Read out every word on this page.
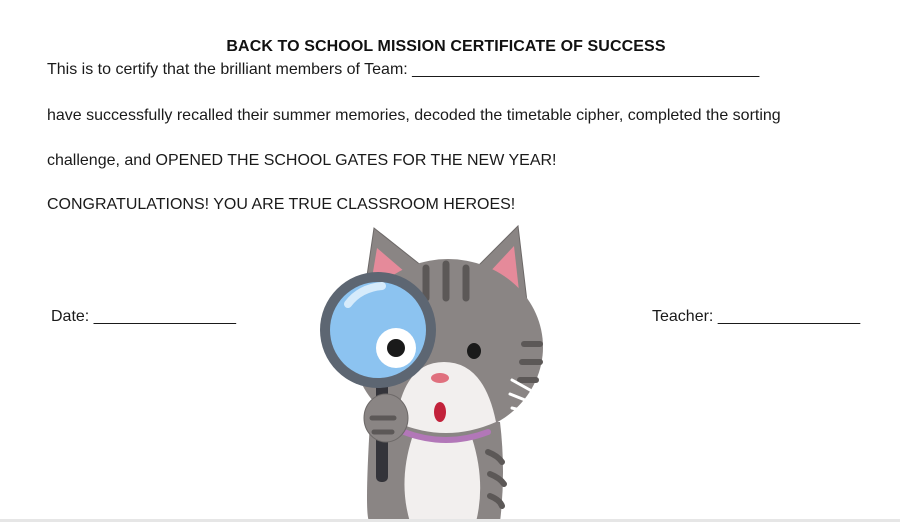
BACK TO SCHOOL MISSION CERTIFICATE OF SUCCESS
This is to certify that the brilliant members of Team: _______________________________________
have successfully recalled their summer memories, decoded the timetable cipher, completed the sorting
challenge, and OPENED THE SCHOOL GATES FOR THE NEW YEAR!
CONGRATULATIONS! YOU ARE TRUE CLASSROOM HEROES!
Date: ________________	Teacher: ________________
